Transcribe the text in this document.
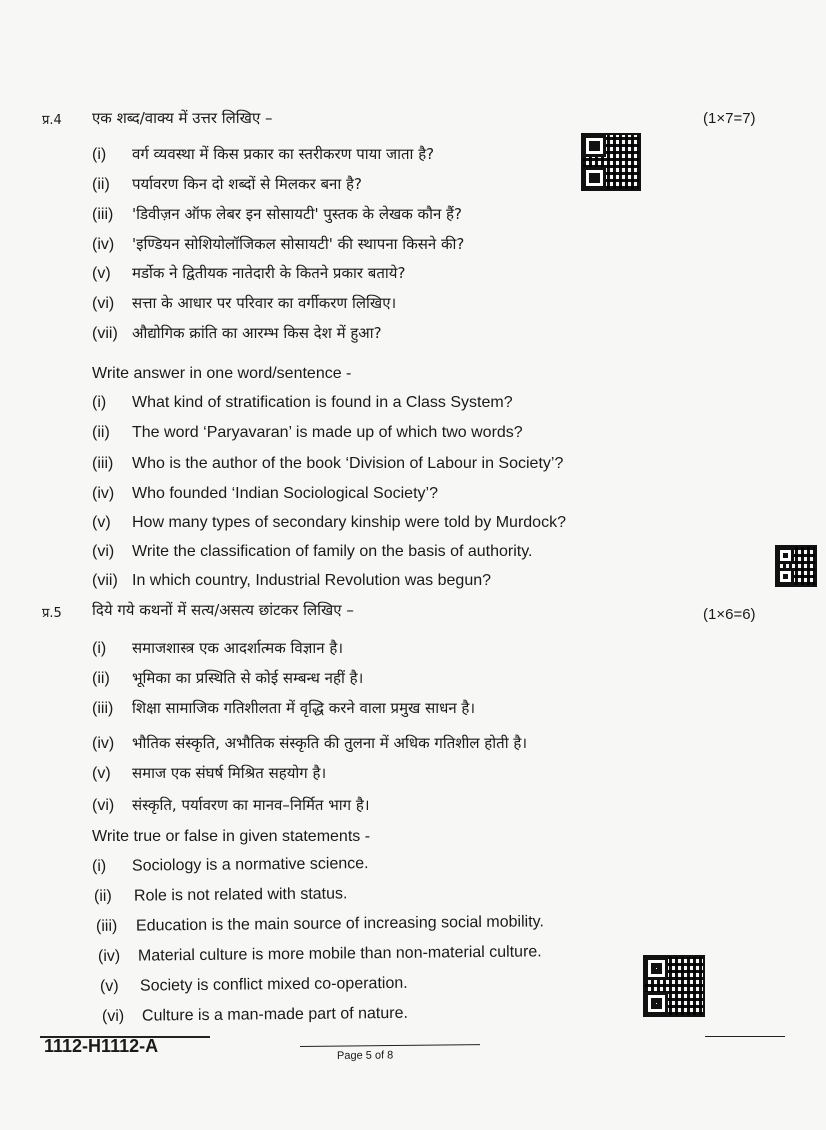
प्र.4 एक शब्द/वाक्य में उत्तर लिखिए –	(1×7=7)
(i) वर्ग व्यवस्था में किस प्रकार का स्तरीकरण पाया जाता है?
(ii) पर्यावरण किन दो शब्दों से मिलकर बना है?
(iii) 'डिवीज़न ऑफ लेबर इन सोसायटी' पुस्तक के लेखक कौन हैं?
(iv) 'इण्डियन सोशियोलॉजिकल सोसायटी' की स्थापना किसने की?
(v) मर्डोक ने द्वितीयक नातेदारी के कितने प्रकार बताये?
(vi) सत्ता के आधार पर परिवार का वर्गीकरण लिखिए।
(vii) औद्योगिक क्रांति का आरम्भ किस देश में हुआ?
Write answer in one word/sentence -
(i) What kind of stratification is found in a Class System?
(ii) The word ‘Paryavaran’ is made up of which two words?
(iii) Who is the author of the book ‘Division of Labour in Society’?
(iv) Who founded ‘Indian Sociological Society’?
(v) How many types of secondary kinship were told by Murdock?
(vi) Write the classification of family on the basis of authority.
(vii) In which country, Industrial Revolution was begun?
प्र.5 दिये गये कथनों में सत्य/असत्य छांटकर लिखिए –	(1×6=6)
(i) समाजशास्त्र एक आदर्शात्मक विज्ञान है।
(ii) भूमिका का प्रस्थिति से कोई सम्बन्ध नहीं है।
(iii) शिक्षा सामाजिक गतिशीलता में वृद्धि करने वाला प्रमुख साधन है।
(iv) भौतिक संस्कृति, अभौतिक संस्कृति की तुलना में अधिक गतिशील होती है।
(v) समाज एक संघर्ष मिश्रित सहयोग है।
(vi) संस्कृति, पर्यावरण का मानव–निर्मित भाग है।
Write true or false in given statements -
(i) Sociology is a normative science.
(ii) Role is not related with status.
(iii) Education is the main source of increasing social mobility.
(iv) Material culture is more mobile than non-material culture.
(v) Society is conflict mixed co-operation.
(vi) Culture is a man-made part of nature.
1112-H1112-A	Page 5 of 8
